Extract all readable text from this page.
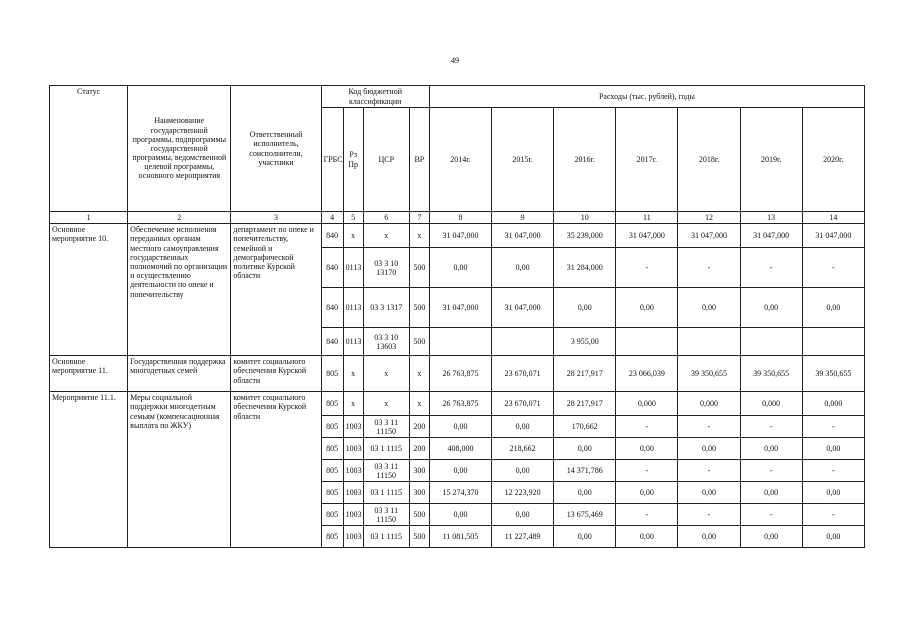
49
Статус	Наименование государственной программы, подпрограммы государственной программы, ведомственной целевой программы, основного мероприятия	Ответственный исполнитель, соисполнители, участники	Код бюджетной классификации				Расходы (тыс. рублей), годы						
			ГРБС	Рз Пр	ЦСР	ВР	2014г.	2015г.	2016г.	2017г.	2018г.	2019г.	2020г.
1	2	3	4	5	6	7	8	9	10	11	12	13	14
Основное мероприятие 10.	Обеспечение исполнения переданных органам местного самоуправления государственных полномочий по организации и осуществлению деятельности по опеке и попечительству	департамент по опеке и попечительству, семейной и демографической политике Курской области	840	x	x	x	31 047,000	31 047,000	35 239,000	31 047,000	31 047,000	31 047,000	31 047,000
			840	0113	03 3 10 13170	500	0,00	0,00	31 284,000	-	-	-	-
			840	0113	03 3 1317	500	31 047,000	31 047,000	0,00	0,00	0,00	0,00	0,00
			840	0113	03 3 10 13603	500			3 955,00				
Основное мероприятие 11.	Государственная поддержка многодетных семей	комитет социального обеспечения Курской области	805	x	x	x	26 763,875	23 670,071	28 217,917	23 066,039	39 350,655	39 350,655	39 350,655
Мероприятие 11.1.	Меры социальной поддержки многодетным семьям (компенсационная выплата по ЖКУ)	комитет социального обеспечения Курской области	805	x	x	x	26 763,875	23 670,071	28 217,917	0,000	0,000	0,000	0,000
			805	1003	03 3 11 11150	200	0,00	0,00	170,662	-	-	-	-
			805	1003	03 1 1115	200	408,000	218,662	0,00	0,00	0,00	0,00	0,00
			805	1003	03 3 11 11150	300	0,00	0,00	14 371,786	-	-	-	-
			805	1003	03 1 1115	300	15 274,370	12 223,920	0,00	0,00	0,00	0,00	0,00
			805	1003	03 3 11 11150	500	0,00	0,00	13 675,469	-	-	-	-
			805	1003	03 1 1115	500	11 081,505	11 227,489	0,00	0,00	0,00	0,00	0,00
